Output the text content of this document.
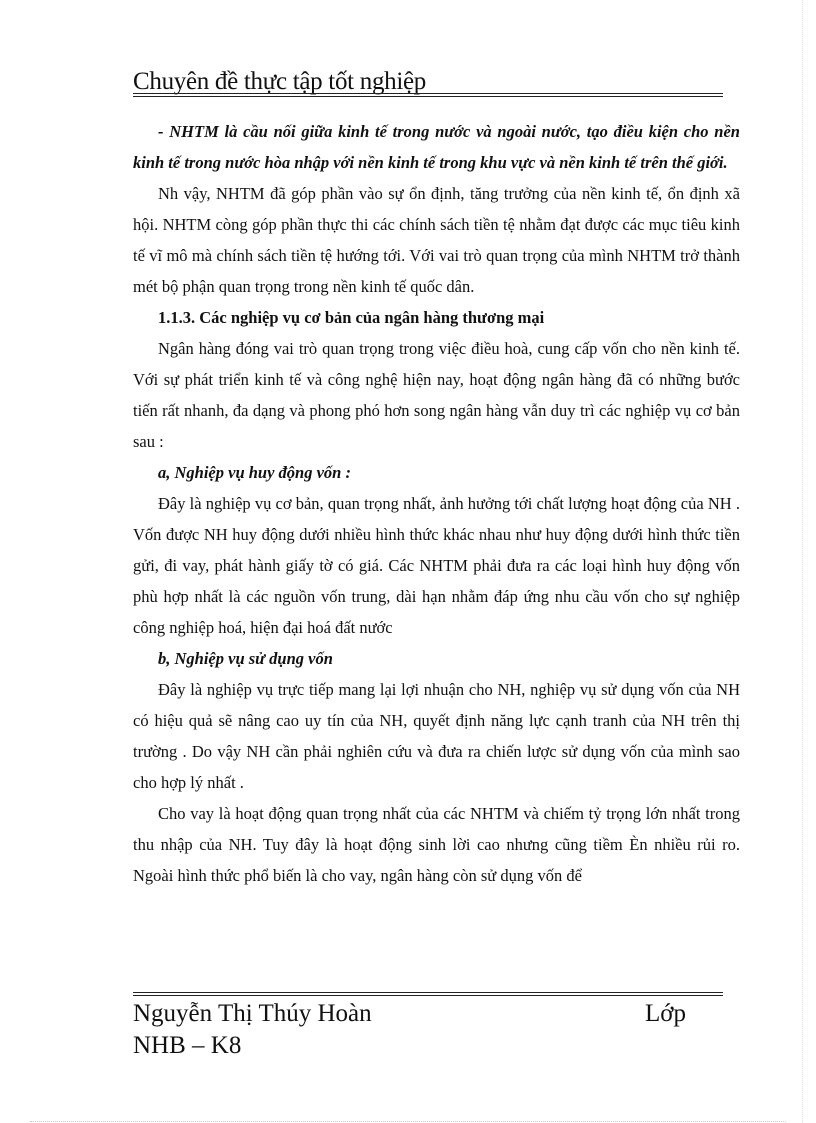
Chuyên đề thực tập tốt nghiệp

- NHTM là cầu nối giữa kinh tế trong nước và ngoài nước, tạo điều kiện cho nền kinh tế trong nước hòa nhập với nền kinh tế trong khu vực và nền kinh tế trên thế giới.

Nh vậy, NHTM đã góp phần vào sự ổn định, tăng trưởng của nền kinh tế, ổn định xã hội. NHTM còng góp phần thực thi các chính sách tiền tệ nhằm đạt được các mục tiêu kinh tế vĩ mô mà chính sách tiền tệ hướng tới. Với vai trò quan trọng của mình NHTM trở thành mét bộ phận quan trọng trong nền kinh tế quốc dân.

1.1.3. Các nghiệp vụ cơ bản của ngân hàng thương mại

Ngân hàng đóng vai trò quan trọng trong việc điều hoà, cung cấp vốn cho nền kinh tế. Với sự phát triển kinh tế và công nghệ hiện nay, hoạt động ngân hàng đã có những bước tiến rất nhanh, đa dạng và phong phó hơn song ngân hàng vẫn duy trì các nghiệp vụ cơ bản sau :

a, Nghiệp vụ huy động vốn :

Đây là nghiệp vụ cơ bản, quan trọng nhất, ảnh hưởng tới chất lượng hoạt động của NH . Vốn được NH huy động dưới nhiều hình thức khác nhau như huy động dưới hình thức tiền gửi, đi vay, phát hành giấy tờ có giá. Các NHTM phải đưa ra các loại hình huy động vốn phù hợp nhất là các nguồn vốn trung, dài hạn nhằm đáp ứng nhu cầu vốn cho sự nghiệp công nghiệp hoá, hiện đại hoá đất nước

b, Nghiệp vụ sử dụng vốn

Đây là nghiệp vụ trực tiếp mang lại lợi nhuận cho NH, nghiệp vụ sử dụng vốn của NH có hiệu quả sẽ nâng cao uy tín của NH, quyết định năng lực cạnh tranh của NH trên thị trường . Do vậy NH cần phải nghiên cứu và đưa ra chiến lược sử dụng vốn của mình sao cho hợp lý nhất .

Cho vay là hoạt động quan trọng nhất của các NHTM và chiếm tỷ trọng lớn nhất trong thu nhập của NH. Tuy đây là hoạt động sinh lời cao nhưng cũng tiềm Èn nhiều rủi ro. Ngoài hình thức phổ biến là cho vay, ngân hàng còn sử dụng vốn để

Nguyễn Thị Thúy Hoàn	Lớp
NHB – K8
